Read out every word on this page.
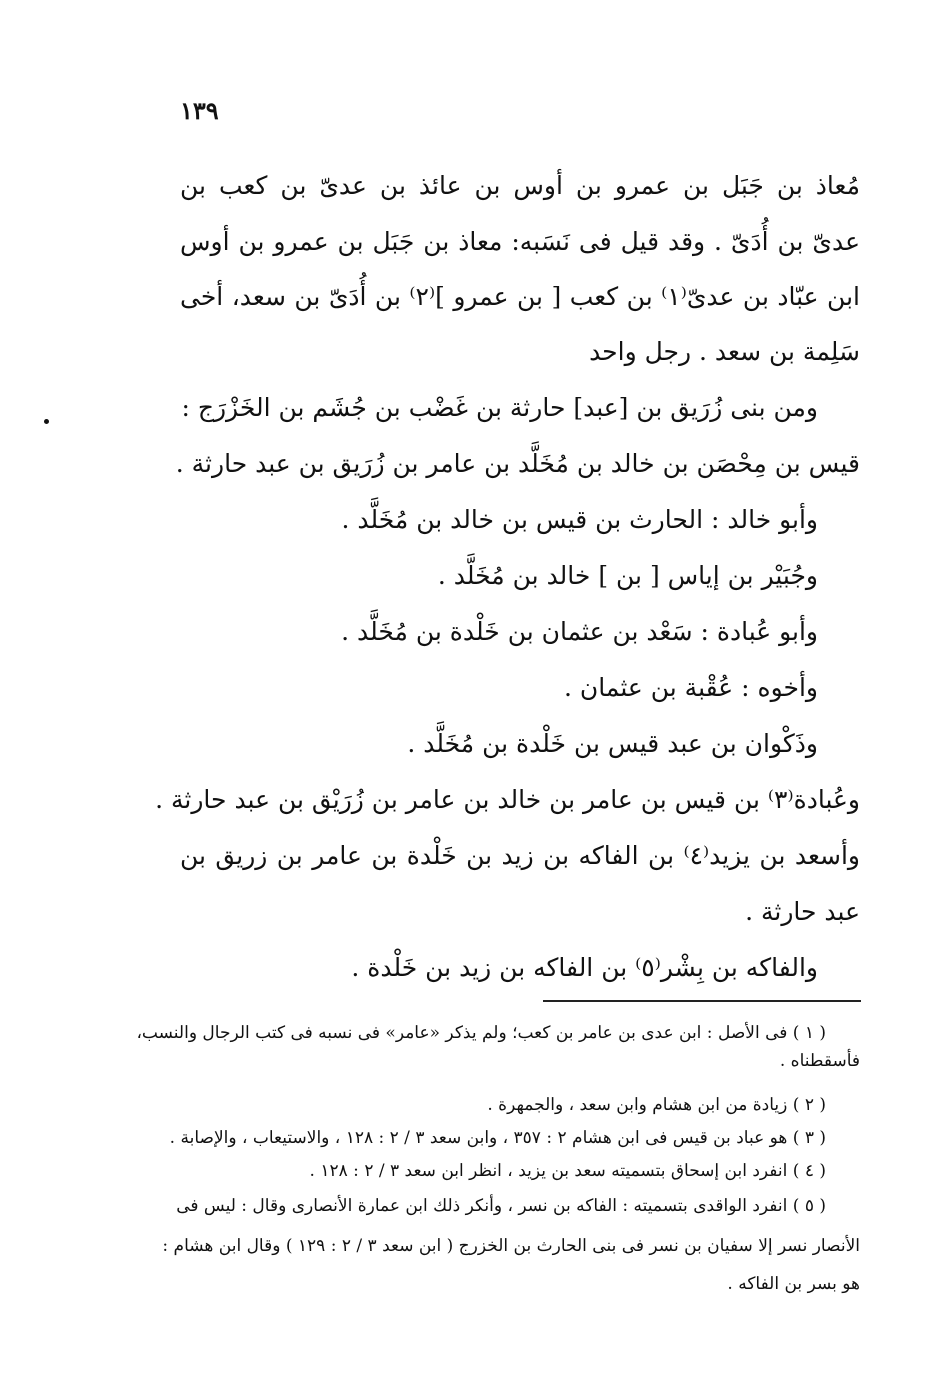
١٣٩
مُعاذ بن جَبَل بن عمرو بن أوس بن عائذ بن عدىّ بن كعب بن
عدىّ بن أُدَىّ . وقد قيل فى نَسَبه: معاذ بن جَبَل بن عمرو بن أوس
ابن عبّاد بن عدىّ⁽١⁾ بن كعب [ بن عمرو ]⁽٢⁾ بن أُدَىّ بن سعد، أخى
سَلِمة بن سعد . رجل واحد
ومن بنى زُرَيق بن [عبد] حارثة بن غَضْب بن جُشَم بن الخَزْرَج :
قيس بن مِحْصَن بن خالد بن مُخَلَّد بن عامر بن زُرَيق بن عبد حارثة .
وأبو خالد : الحارث بن قيس بن خالد بن مُخَلَّد .
وجُبَيْر بن إياس [ بن ] خالد بن مُخَلَّد .
وأبو عُبادة : سَعْد بن عثمان بن خَلْدة بن مُخَلَّد .
وأخوه : عُقْبة بن عثمان .
وذَكْوان بن عبد قيس بن خَلْدة بن مُخَلَّد .
وعُبادة⁽٣⁾ بن قيس بن عامر بن خالد بن عامر بن زُرَيْق بن عبد حارثة .
وأسعد بن يزيد⁽٤⁾ بن الفاكه بن زيد بن خَلْدة بن عامر بن زريق بن
عبد حارثة .
والفاكه بن بِشْر⁽٥⁾ بن الفاكه بن زيد بن خَلْدة .
( ١ ) فى الأصل : ابن عدى بن عامر بن كعب؛ ولم يذكر «عامر» فى نسبه فى كتب الرجال والنسب،
فأسقطناه .
( ٢ ) زيادة من ابن هشام وابن سعد ، والجمهرة .
( ٣ ) هو عباد بن قيس فى ابن هشام ٢ : ٣٥٧ ، وابن سعد ٣ / ٢ : ١٢٨ ، والاستيعاب ، والإصابة .
( ٤ ) انفرد ابن إسحاق بتسميته سعد بن يزيد ، انظر ابن سعد ٣ / ٢ : ١٢٨ .
( ٥ ) انفرد الواقدى بتسميته : الفاكه بن نسر ، وأنكر ذلك ابن عمارة الأنصارى وقال : ليس فى
الأنصار نسر إلا سفيان بن نسر فى بنى الحارث بن الخزرج ( ابن سعد ٣ / ٢ : ١٢٩ ) وقال ابن هشام :
هو بسر بن الفاكه .
